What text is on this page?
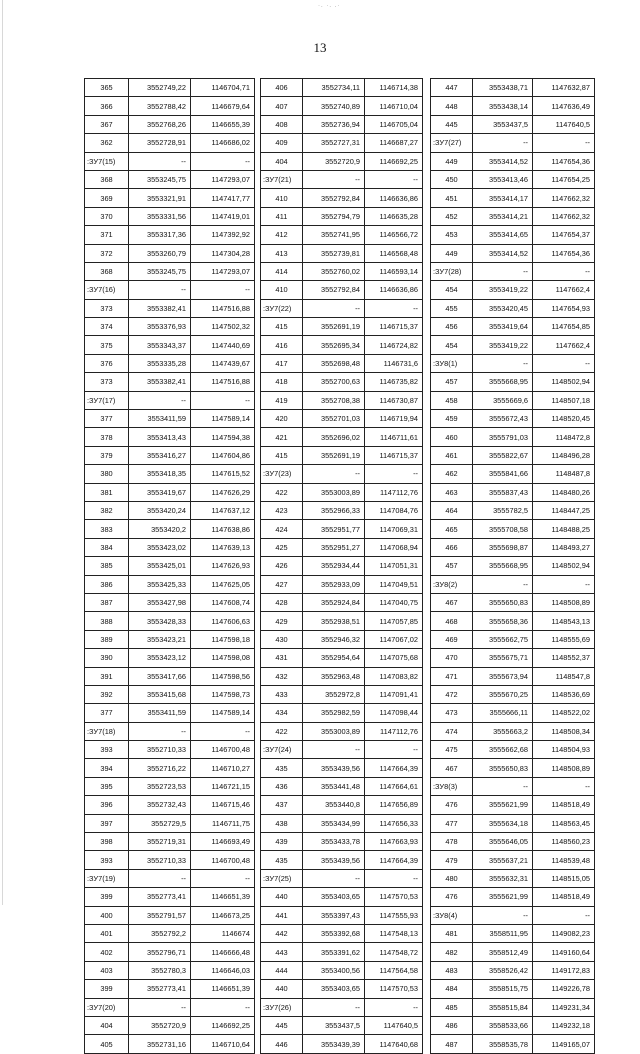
·. ·. .·
13
365	3552749,22	1146704,71
366	3552788,42	1146679,64
367	3552768,26	1146655,39
362	3552728,91	1146686,02
:ЗУ7(15)	--	--
368	3553245,75	1147293,07
369	3553321,91	1147417,77
370	3553331,56	1147419,01
371	3553317,36	1147392,92
372	3553260,79	1147304,28
368	3553245,75	1147293,07
:ЗУ7(16)	--	--
373	3553382,41	1147516,88
374	3553376,93	1147502,32
375	3553343,37	1147440,69
376	3553335,28	1147439,67
373	3553382,41	1147516,88
:ЗУ7(17)	--	--
377	3553411,59	1147589,14
378	3553413,43	1147594,38
379	3553416,27	1147604,86
380	3553418,35	1147615,52
381	3553419,67	1147626,29
382	3553420,24	1147637,12
383	3553420,2	1147638,86
384	3553423,02	1147639,13
385	3553425,01	1147626,93
386	3553425,33	1147625,05
387	3553427,98	1147608,74
388	3553428,33	1147606,63
389	3553423,21	1147598,18
390	3553423,12	1147598,08
391	3553417,66	1147598,56
392	3553415,68	1147598,73
377	3553411,59	1147589,14
:ЗУ7(18)	--	--
393	3552710,33	1146700,48
394	3552716,22	1146710,27
395	3552723,53	1146721,15
396	3552732,43	1146715,46
397	3552729,5	1146711,75
398	3552719,31	1146693,49
393	3552710,33	1146700,48
:ЗУ7(19)	--	--
399	3552773,41	1146651,39
400	3552791,57	1146673,25
401	3552792,2	1146674
402	3552796,71	1146666,48
403	3552780,3	1146646,03
399	3552773,41	1146651,39
:ЗУ7(20)	--	--
404	3552720,9	1146692,25
405	3552731,16	1146710,64
406	3552734,11	1146714,38
407	3552740,89	1146710,04
408	3552736,94	1146705,04
409	3552727,31	1146687,27
404	3552720,9	1146692,25
:ЗУ7(21)	--	--
410	3552792,84	1146636,86
411	3552794,79	1146635,28
412	3552741,95	1146566,72
413	3552739,81	1146568,48
414	3552760,02	1146593,14
410	3552792,84	1146636,86
:ЗУ7(22)	--	--
415	3552691,19	1146715,37
416	3552695,34	1146724,82
417	3552698,48	1146731,6
418	3552700,63	1146735,82
419	3552708,38	1146730,87
420	3552701,03	1146719,94
421	3552696,02	1146711,61
415	3552691,19	1146715,37
:ЗУ7(23)	--	--
422	3553003,89	1147112,76
423	3552966,33	1147084,76
424	3552951,77	1147069,31
425	3552951,27	1147068,94
426	3552934,44	1147051,31
427	3552933,09	1147049,51
428	3552924,84	1147040,75
429	3552938,51	1147057,85
430	3552946,32	1147067,02
431	3552954,64	1147075,68
432	3552963,48	1147083,82
433	3552972,8	1147091,41
434	3552982,59	1147098,44
422	3553003,89	1147112,76
:ЗУ7(24)	--	--
435	3553439,56	1147664,39
436	3553441,48	1147664,61
437	3553440,8	1147656,89
438	3553434,99	1147656,33
439	3553433,78	1147663,93
435	3553439,56	1147664,39
:ЗУ7(25)	--	--
440	3553403,65	1147570,53
441	3553397,43	1147555,93
442	3553392,68	1147548,13
443	3553391,62	1147548,72
444	3553400,56	1147564,58
440	3553403,65	1147570,53
:ЗУ7(26)	--	--
445	3553437,5	1147640,5
446	3553439,39	1147640,68
447	3553438,71	1147632,87
448	3553438,14	1147636,49
445	3553437,5	1147640,5
:ЗУ7(27)	--	--
449	3553414,52	1147654,36
450	3553413,46	1147654,25
451	3553414,17	1147662,32
452	3553414,21	1147662,32
453	3553414,65	1147654,37
449	3553414,52	1147654,36
:ЗУ7(28)	--	--
454	3553419,22	1147662,4
455	3553420,45	1147654,93
456	3553419,64	1147654,85
454	3553419,22	1147662,4
:ЗУ8(1)	--	--
457	3555668,95	1148502,94
458	3555669,6	1148507,18
459	3555672,43	1148520,45
460	3555791,03	1148472,8
461	3555822,67	1148496,28
462	3555841,66	1148487,8
463	3555837,43	1148480,26
464	3555782,5	1148447,25
465	3555708,58	1148488,25
466	3555698,87	1148493,27
457	3555668,95	1148502,94
:ЗУ8(2)	--	--
467	3555650,83	1148508,89
468	3555658,36	1148543,13
469	3555662,75	1148555,69
470	3555675,71	1148552,37
471	3555673,94	1148547,8
472	3555670,25	1148536,69
473	3555666,11	1148522,02
474	3555663,2	1148508,34
475	3555662,68	1148504,93
467	3555650,83	1148508,89
:ЗУ8(3)	--	--
476	3555621,99	1148518,49
477	3555634,18	1148563,45
478	3555646,05	1148560,23
479	3555637,21	1148539,48
480	3555632,31	1148515,05
476	3555621,99	1148518,49
:ЗУ8(4)	--	--
481	3558511,95	1149082,23
482	3558512,49	1149160,64
483	3558526,42	1149172,83
484	3558515,75	1149226,78
485	3558515,84	1149231,34
486	3558533,66	1149232,18
487	3558535,78	1149165,07
